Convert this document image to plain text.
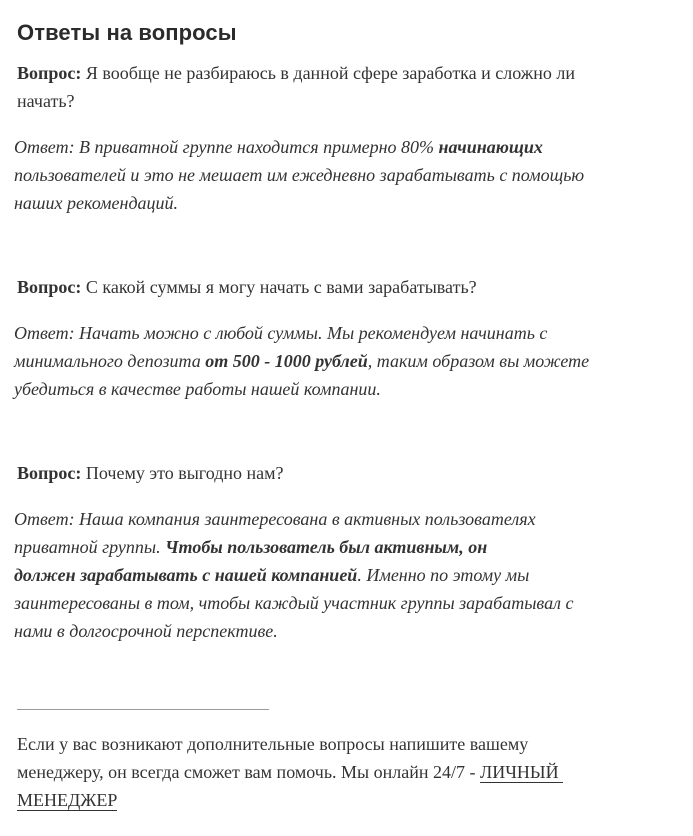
Ответы на вопросы

Вопрос: Я вообще не разбираюсь в данной сфере заработка и сложно ли
начать?

Ответ: В приватной группе находится примерно 80% начинающих
пользователей и это не мешает им ежедневно зарабатывать с помощью
наших рекомендаций.

Вопрос: С какой суммы я могу начать с вами зарабатывать?

Ответ: Начать можно с любой суммы. Мы рекомендуем начинать с
минимального депозита от 500 - 1000 рублей, таким образом вы можете
убедиться в качестве работы нашей компании.

Вопрос: Почему это выгодно нам?

Ответ: Наша компания заинтересована в активных пользователях
приватной группы. Чтобы пользователь был активным, он
должен зарабатывать с нашей компанией. Именно по этому мы
заинтересованы в том, чтобы каждый участник группы зарабатывал с
нами в долгосрочной перспективе.

Если у вас возникают дополнительные вопросы напишите вашему
менеджеру, он всегда сможет вам помочь. Мы онлайн 24/7 - ЛИЧНЫЙ
МЕНЕДЖЕР
